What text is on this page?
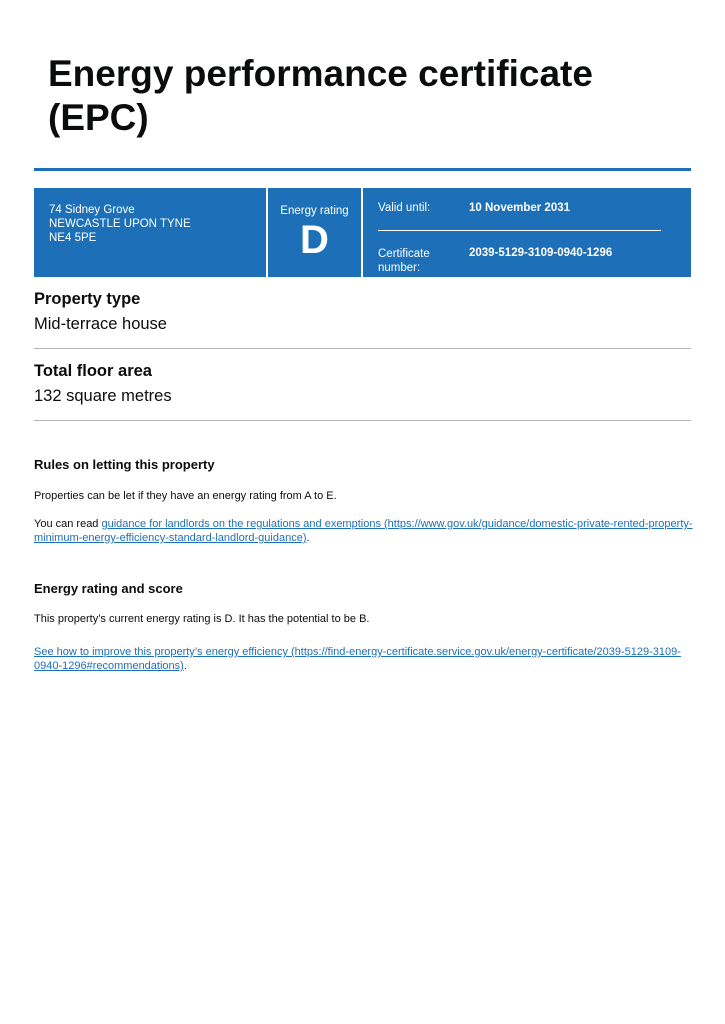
Energy performance certificate (EPC)
74 Sidney Grove
NEWCASTLE UPON TYNE
NE4 5PE
Energy rating
D
Valid until:	10 November 2031
Certificate number:
2039-5129-3109-0940-1296
Property type
Mid-terrace house
Total floor area
132 square metres
Rules on letting this property
Properties can be let if they have an energy rating from A to E.
You can read guidance for landlords on the regulations and exemptions (https://www.gov.uk/guidance/domestic-private-rented-property-minimum-energy-efficiency-standard-landlord-guidance).
Energy rating and score
This property’s current energy rating is D. It has the potential to be B.
See how to improve this property’s energy efficiency (https://find-energy-certificate.service.gov.uk/energy-certificate/2039-5129-3109-0940-1296#recommendations).
